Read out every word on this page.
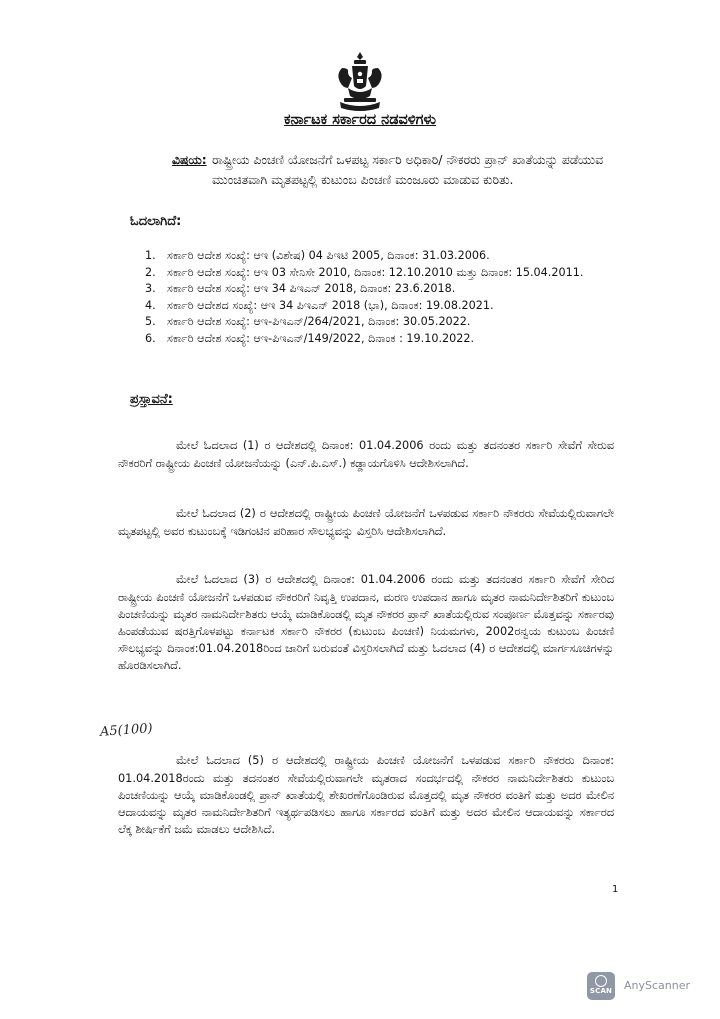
ಕರ್ನಾಟಕ ಸರ್ಕಾರದ ನಡವಳಿಗಳು
ವಿಷಯ: ರಾಷ್ಟ್ರೀಯ ಪಿಂಚಣಿ ಯೋಜನೆಗೆ ಒಳಪಟ್ಟ ಸರ್ಕಾರಿ ಅಧಿಕಾರಿ/ ನೌಕರರು ಪ್ರಾನ್ ಖಾತೆಯನ್ನು ಪಡೆಯುವ ಮುಂಚಿತವಾಗಿ ಮೃತಪಟ್ಟಲ್ಲಿ ಕುಟುಂಬ ಪಿಂಚಣಿ ಮಂಜೂರು ಮಾಡುವ ಕುರಿತು.
ಓದಲಾಗಿದೆ:
1. ಸರ್ಕಾರಿ ಆದೇಶ ಸಂಖ್ಯೆ: ಆಇ (ವಿಶೇಷ) 04 ಪಿಇಟಿ 2005, ದಿನಾಂಕ: 31.03.2006.
2. ಸರ್ಕಾರಿ ಆದೇಶ ಸಂಖ್ಯೆ: ಆಇ 03 ಸೇನಿಸೇ 2010, ದಿನಾಂಕ: 12.10.2010 ಮತ್ತು ದಿನಾಂಕ: 15.04.2011.
3. ಸರ್ಕಾರಿ ಆದೇಶ ಸಂಖ್ಯೆ: ಆಇ 34 ಪಿಇಎನ್ 2018, ದಿನಾಂಕ: 23.6.2018.
4. ಸರ್ಕಾರಿ ಆದೇಶದ ಸಂಖ್ಯೆ: ಆಇ 34 ಪಿಇಎನ್ 2018 (ಭಾ), ದಿನಾಂಕ: 19.08.2021.
5. ಸರ್ಕಾರಿ ಆದೇಶ ಸಂಖ್ಯೆ: ಆಇ-ಪಿಇಎನ್/264/2021, ದಿನಾಂಕ: 30.05.2022.
6. ಸರ್ಕಾರಿ ಆದೇಶ ಸಂಖ್ಯೆ: ಆಇ-ಪಿಇಎನ್/149/2022, ದಿನಾಂಕ : 19.10.2022.
ಪ್ರಸ್ತಾವನೆ:

ಮೇಲೆ ಓದಲಾದ (1) ರ ಆದೇಶದಲ್ಲಿ ದಿನಾಂಕ: 01.04.2006 ರಂದು ಮತ್ತು ತದನಂತರ ಸರ್ಕಾರಿ ಸೇವೆಗೆ ಸೇರುವ ನೌಕರರಿಗೆ ರಾಷ್ಟ್ರೀಯ ಪಿಂಚಣಿ ಯೋಜನೆಯನ್ನು (ಎನ್.ಪಿ.ಎಸ್.) ಕಡ್ಡಾಯಗೊಳಿಸಿ ಆದೇಶಿಸಲಾಗಿದೆ.

ಮೇಲೆ ಓದಲಾದ (2) ರ ಆದೇಶದಲ್ಲಿ ರಾಷ್ಟ್ರೀಯ ಪಿಂಚಣಿ ಯೋಜನೆಗೆ ಒಳಪಡುವ ಸರ್ಕಾರಿ ನೌಕರರು ಸೇವೆಯಲ್ಲಿರುವಾಗಲೇ ಮೃತಪಟ್ಟಲ್ಲಿ ಅವರ ಕುಟುಂಬಕ್ಕೆ ಇಡಿಗಂಟಿನ ಪರಿಹಾರ ಸೌಲಭ್ಯವನ್ನು ವಿಸ್ತರಿಸಿ ಆದೇಶಿಸಲಾಗಿದೆ.

ಮೇಲೆ ಓದಲಾದ (3) ರ ಆದೇಶದಲ್ಲಿ ದಿನಾಂಕ: 01.04.2006 ರಂದು ಮತ್ತು ತದನಂತರ ಸರ್ಕಾರಿ ಸೇವೆಗೆ ಸೇರಿದ ರಾಷ್ಟ್ರೀಯ ಪಿಂಚಣಿ ಯೋಜನೆಗೆ ಒಳಪಡುವ ನೌಕರರಿಗೆ ನಿವೃತ್ತಿ ಉಪದಾನ, ಮರಣ ಉಪದಾನ ಹಾಗೂ ಮೃತರ ನಾಮನಿರ್ದೇಶಿತರಿಗೆ ಕುಟುಂಬ ಪಿಂಚಣಿಯನ್ನು ಮೃತರ ನಾಮನಿರ್ದೇಶಿತರು ಆಯ್ಕೆ ಮಾಡಿಕೊಂಡಲ್ಲಿ ಮೃತ ನೌಕರರ ಪ್ರಾನ್ ಖಾತೆಯಲ್ಲಿರುವ ಸಂಪೂರ್ಣ ಮೊತ್ತವನ್ನು ಸರ್ಕಾರವು ಹಿಂಪಡೆಯುವ ಷರತ್ತಿಗೊಳಪಟ್ಟು ಕರ್ನಾಟಕ ಸರ್ಕಾರಿ ನೌಕರರ (ಕುಟುಂಬ ಪಿಂಚಣಿ) ನಿಯಮಗಳು, 2002ರನ್ವಯ ಕುಟುಂಬ ಪಿಂಚಣಿ ಸೌಲಭ್ಯವನ್ನು ದಿನಾಂಕ:01.04.2018ರಿಂದ ಜಾರಿಗೆ ಬರುವಂತೆ ವಿಸ್ತರಿಸಲಾಗಿದೆ ಮತ್ತು ಓದಲಾದ (4) ರ ಆದೇಶದಲ್ಲಿ ಮಾರ್ಗಸೂಚಿಗಳನ್ನು ಹೊರಡಿಸಲಾಗಿದೆ.

A5(100)

ಮೇಲೆ ಓದಲಾದ (5) ರ ಆದೇಶದಲ್ಲಿ ರಾಷ್ಟ್ರೀಯ ಪಿಂಚಣಿ ಯೋಜನೆಗೆ ಒಳಪಡುವ ಸರ್ಕಾರಿ ನೌಕರರು ದಿನಾಂಕ: 01.04.2018ರಂದು ಮತ್ತು ತದನಂತರ ಸೇವೆಯಲ್ಲಿರುವಾಗಲೇ ಮೃತರಾದ ಸಂದರ್ಭದಲ್ಲಿ ನೌಕರರ ನಾಮನಿರ್ದೇಶಿತರು ಕುಟುಂಬ ಪಿಂಚಣಿಯನ್ನು ಆಯ್ಕೆ ಮಾಡಿಕೊಂಡಲ್ಲಿ ಪ್ರಾನ್ ಖಾತೆಯಲ್ಲಿ ಶೇಖರಣೆಗೊಂಡಿರುವ ಮೊತ್ತದಲ್ಲಿ ಮೃತ ನೌಕರರ ವಂತಿಗೆ ಮತ್ತು ಅದರ ಮೇಲಿನ ಆದಾಯವನ್ನು ಮೃತರ ನಾಮನಿರ್ದೇಶಿತರಿಗೆ ಇತ್ಯರ್ಥಪಡಿಸಲು ಹಾಗೂ ಸರ್ಕಾರದ ವಂತಿಗೆ ಮತ್ತು ಅದರ ಮೇಲಿನ ಆದಾಯವನ್ನು ಸರ್ಕಾರದ ಲೆಕ್ಕ ಶೀರ್ಷಿಕೆಗೆ ಜಮೆ ಮಾಡಲು ಆದೇಶಿಸಿದೆ.

1
SCAN AnyScanner
